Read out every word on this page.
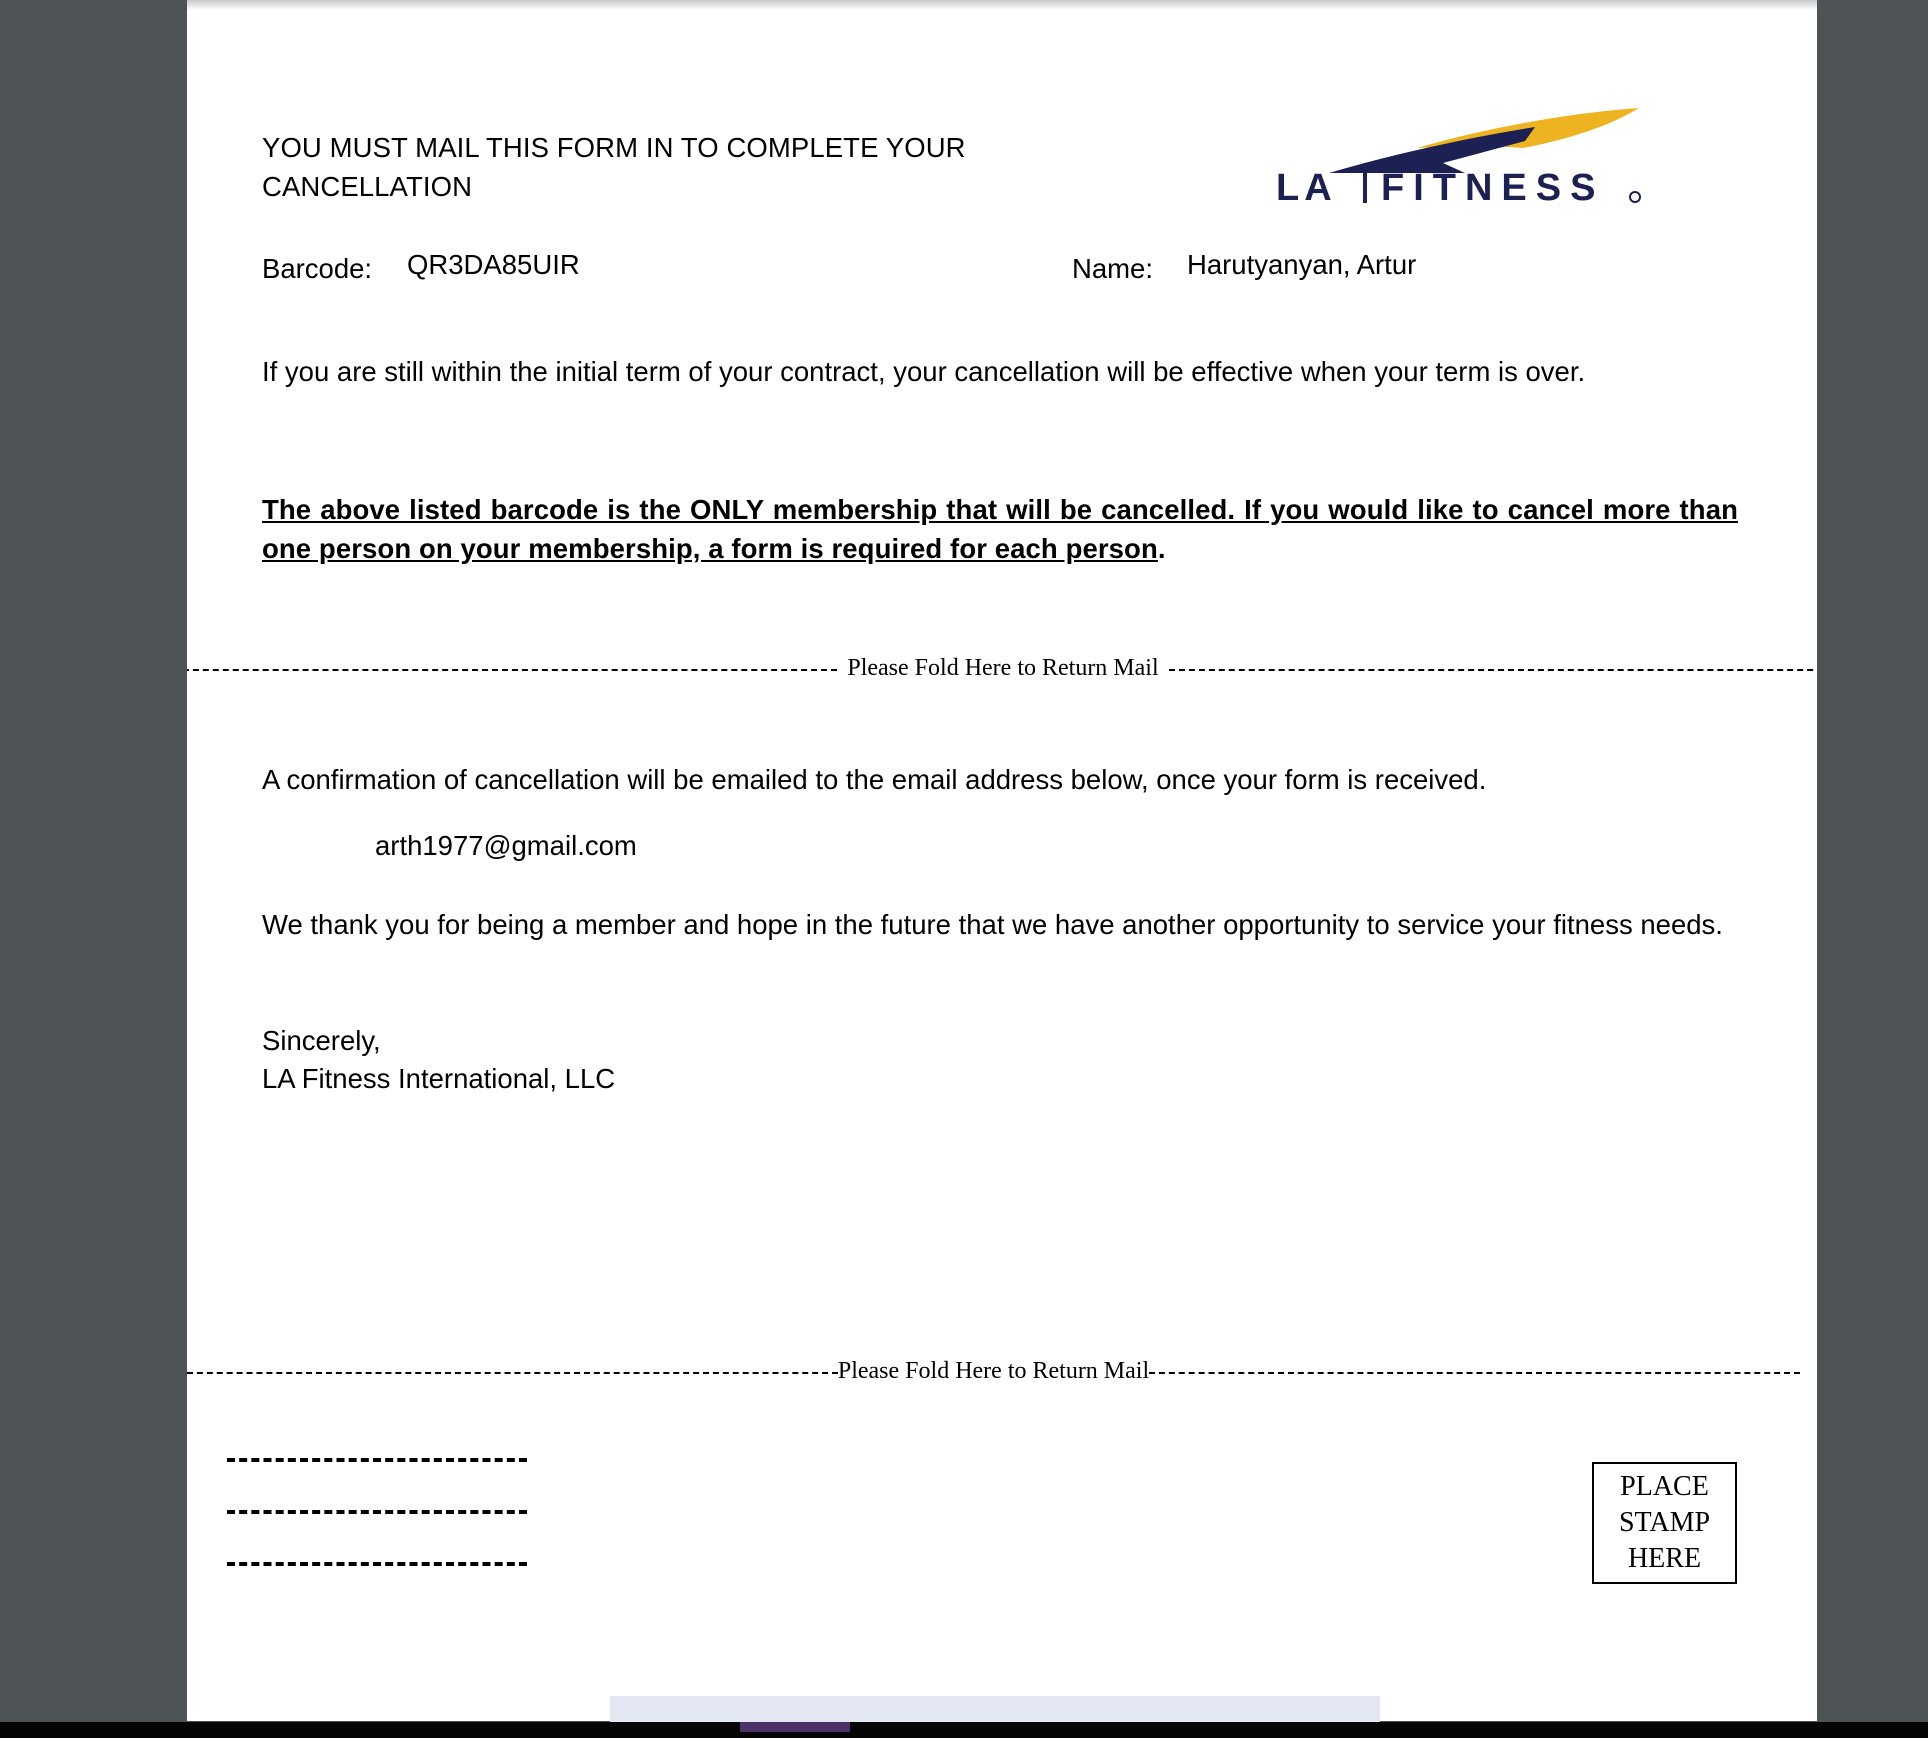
YOU MUST MAIL THIS FORM IN TO COMPLETE YOUR CANCELLATION	LA FITNESS
Barcode: QR3DA85UIR	Name: Harutyanyan, Artur
If you are still within the initial term of your contract, your cancellation will be effective when your term is over.
The above listed barcode is the ONLY membership that will be cancelled. If you would like to cancel more than one person on your membership, a form is required for each person.
Please Fold Here to Return Mail
A confirmation of cancellation will be emailed to the email address below, once your form is received.
arth1977@gmail.com
We thank you for being a member and hope in the future that we have another opportunity to service your fitness needs.
Sincerely,
LA Fitness International, LLC
Please Fold Here to Return Mail
PLACE
STAMP
HERE
